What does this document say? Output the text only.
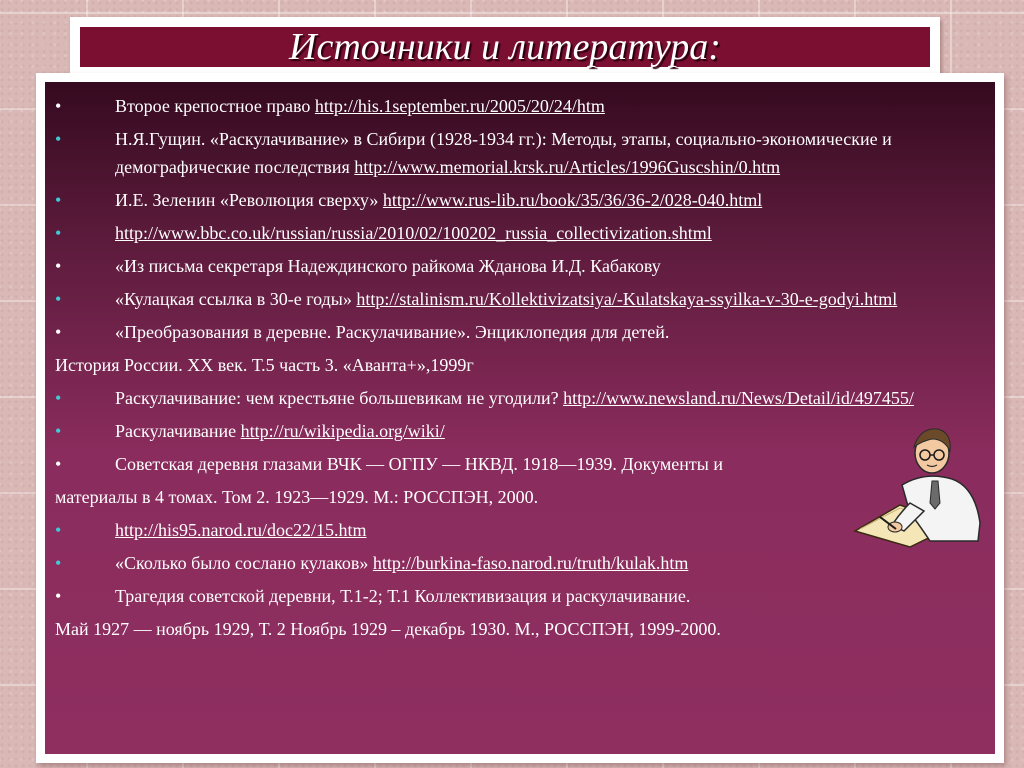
Источники и литература:
•	Второе крепостное право http://his.1september.ru/2005/20/24/htm
•	Н.Я.Гущин. «Раскулачивание» в Сибири (1928-1934 гг.): Методы, этапы, социально-экономические и демографические последствия http://www.memorial.krsk.ru/Articles/1996Guscshin/0.htm
•	И.Е. Зеленин «Революция сверху» http://www.rus-lib.ru/book/35/36/36-2/028-040.html
•	http://www.bbc.co.uk/russian/russia/2010/02/100202_russia_collectivization.shtml
•	«Из письма секретаря Надеждинского райкома Жданова И.Д. Кабакову
•	«Кулацкая ссылка в 30-е годы» http://stalinism.ru/Kollektivizatsiya/-Kulatskaya-ssyilka-v-30-e-godyi.html
•	«Преобразования в деревне. Раскулачивание». Энциклопедия для детей.
История России. XX век. Т.5 часть 3. «Аванта+»,1999г
•	Раскулачивание: чем крестьяне большевикам не угодили? http://www.newsland.ru/News/Detail/id/497455/
•	Раскулачивание http://ru/wikipedia.org/wiki/
•	Советская деревня глазами ВЧК — ОГПУ — НКВД. 1918—1939. Документы и
материалы в 4 томах. Том 2. 1923—1929. М.: РОССПЭН, 2000.
•	http://his95.narod.ru/doc22/15.htm
•	«Сколько было сослано кулаков» http://burkina-faso.narod.ru/truth/kulak.htm
•	Трагедия советской деревни, Т.1-2; Т.1 Коллективизация и раскулачивание.
Май 1927 — ноябрь 1929, Т. 2 Ноябрь 1929 – декабрь 1930. М., РОССПЭН, 1999-2000.
